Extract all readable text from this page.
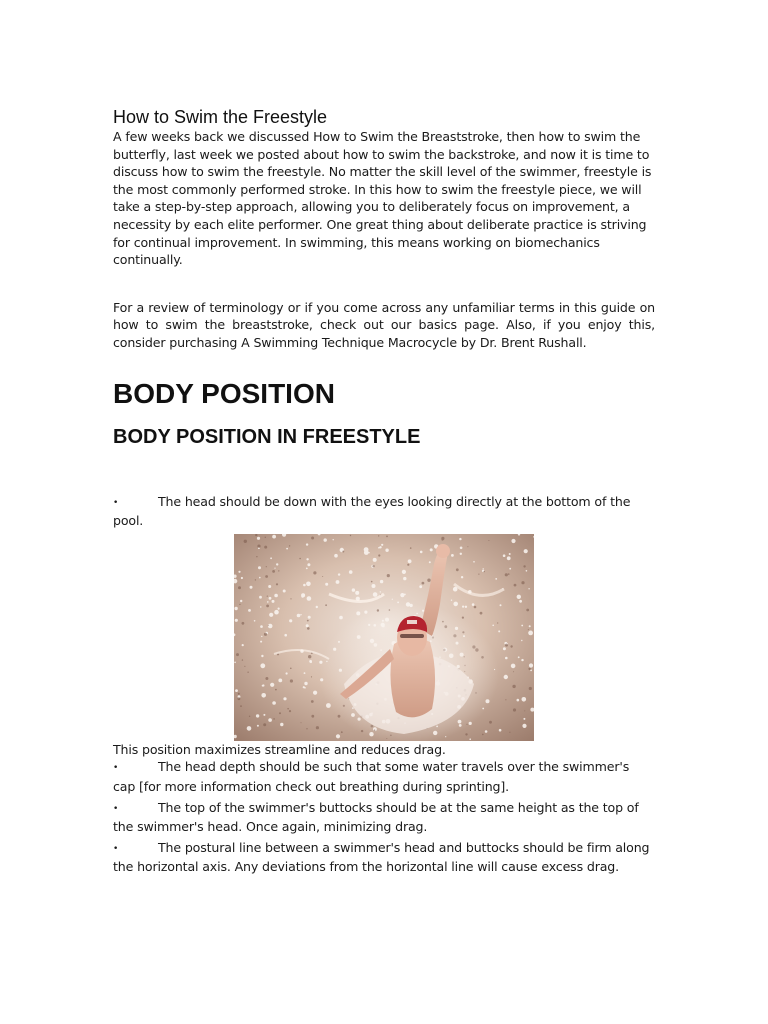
How to Swim the Freestyle

A few weeks back we discussed How to Swim the Breaststroke, then how to swim the butterfly, last week we posted about how to swim the backstroke, and now it is time to discuss how to swim the freestyle. No matter the skill level of the swimmer, freestyle is the most commonly performed stroke. In this how to swim the freestyle piece, we will take a step-by-step approach, allowing you to deliberately focus on improvement, a necessity by each elite performer. One great thing about deliberate practice is striving for continual improvement. In swimming, this means working on biomechanics continually.

For a review of terminology or if you come across any unfamiliar terms in this guide on how to swim the breaststroke, check out our basics page. Also, if you enjoy this, consider purchasing A Swimming Technique Macrocycle by Dr. Brent Rushall.

BODY POSITION
BODY POSITION IN FREESTYLE

•	The head should be down with the eyes looking directly at the bottom of the pool.

This position maximizes streamline and reduces drag.

•	The head depth should be such that some water travels over the swimmer's cap [for more information check out breathing during sprinting].

•	The top of the swimmer's buttocks should be at the same height as the top of the swimmer's head. Once again, minimizing drag.

•	The postural line between a swimmer's head and buttocks should be firm along the horizontal axis. Any deviations from the horizontal line will cause excess drag.
